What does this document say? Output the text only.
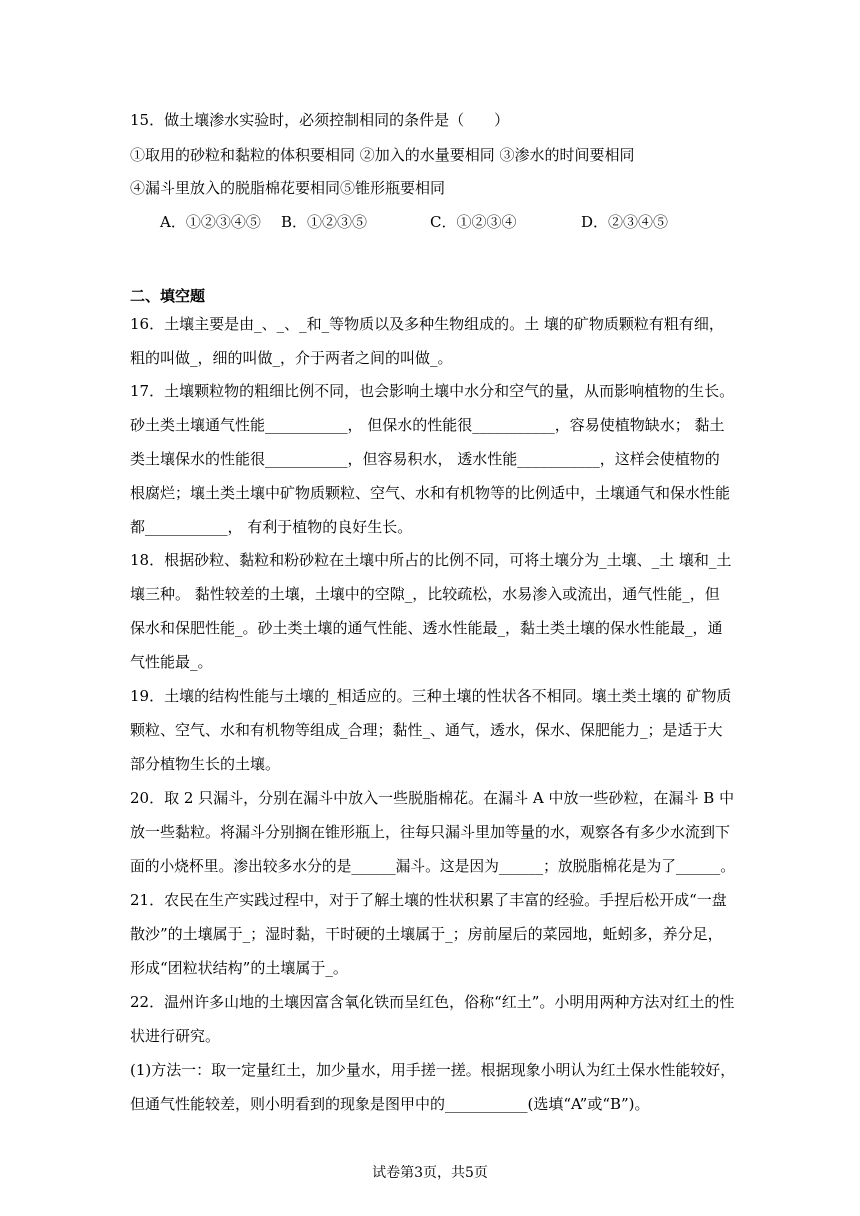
15．做土壤渗水实验时，必须控制相同的条件是（　　）
①取用的砂粒和黏粒的体积要相同 ②加入的水量要相同 ③渗水的时间要相同
④漏斗里放入的脱脂棉花要相同⑤锥形瓶要相同
A．①②③④⑤ B．①②③⑤	C．①②③④	D．②③④⑤
二、填空题
16．土壤主要是由_、_、_和_等物质以及多种生物组成的。土 壤的矿物质颗粒有粗有细，
粗的叫做_，细的叫做_，介于两者之间的叫做_。
17．土壤颗粒物的粗细比例不同，也会影响土壤中水分和空气的量，从而影响植物的生长。
砂土类土壤通气性能___________， 但保水的性能很___________，容易使植物缺水； 黏土
类土壤保水的性能很___________，但容易积水， 透水性能___________，这样会使植物的
根腐烂；壤土类土壤中矿物质颗粒、空气、水和有机物等的比例适中，土壤通气和保水性能
都___________， 有利于植物的良好生长。
18．根据砂粒、黏粒和粉砂粒在土壤中所占的比例不同，可将土壤分为_土壤、_土 壤和_土
壤三种。 黏性较差的土壤，土壤中的空隙_，比较疏松，水易渗入或流出，通气性能_，但
保水和保肥性能_。砂土类土壤的通气性能、透水性能最_，黏土类土壤的保水性能最_，通
气性能最_。
19．土壤的结构性能与土壤的_相适应的。三种土壤的性状各不相同。壤土类土壤的 矿物质
颗粒、空气、水和有机物等组成_合理；黏性_、通气，透水，保水、保肥能力_；是适于大
部分植物生长的土壤。
20．取 2 只漏斗，分别在漏斗中放入一些脱脂棉花。在漏斗 A 中放一些砂粒，在漏斗 B 中
放一些黏粒。将漏斗分别搁在锥形瓶上，往每只漏斗里加等量的水，观察各有多少水流到下
面的小烧杯里。渗出较多水分的是______漏斗。这是因为______；放脱脂棉花是为了______。
21．农民在生产实践过程中，对于了解土壤的性状积累了丰富的经验。手捏后松开成“一盘
散沙”的土壤属于_；湿时黏，干时硬的土壤属于_；房前屋后的菜园地，蚯蚓多，养分足，
形成“团粒状结构”的土壤属于_。
22．温州许多山地的土壤因富含氧化铁而呈红色，俗称“红土”。小明用两种方法对红土的性
状进行研究。
(1)方法一：取一定量红土，加少量水，用手搓一搓。根据现象小明认为红土保水性能较好，
但通气性能较差，则小明看到的现象是图甲中的___________(选填“A”或“B”)。
试卷第3页，共5页
